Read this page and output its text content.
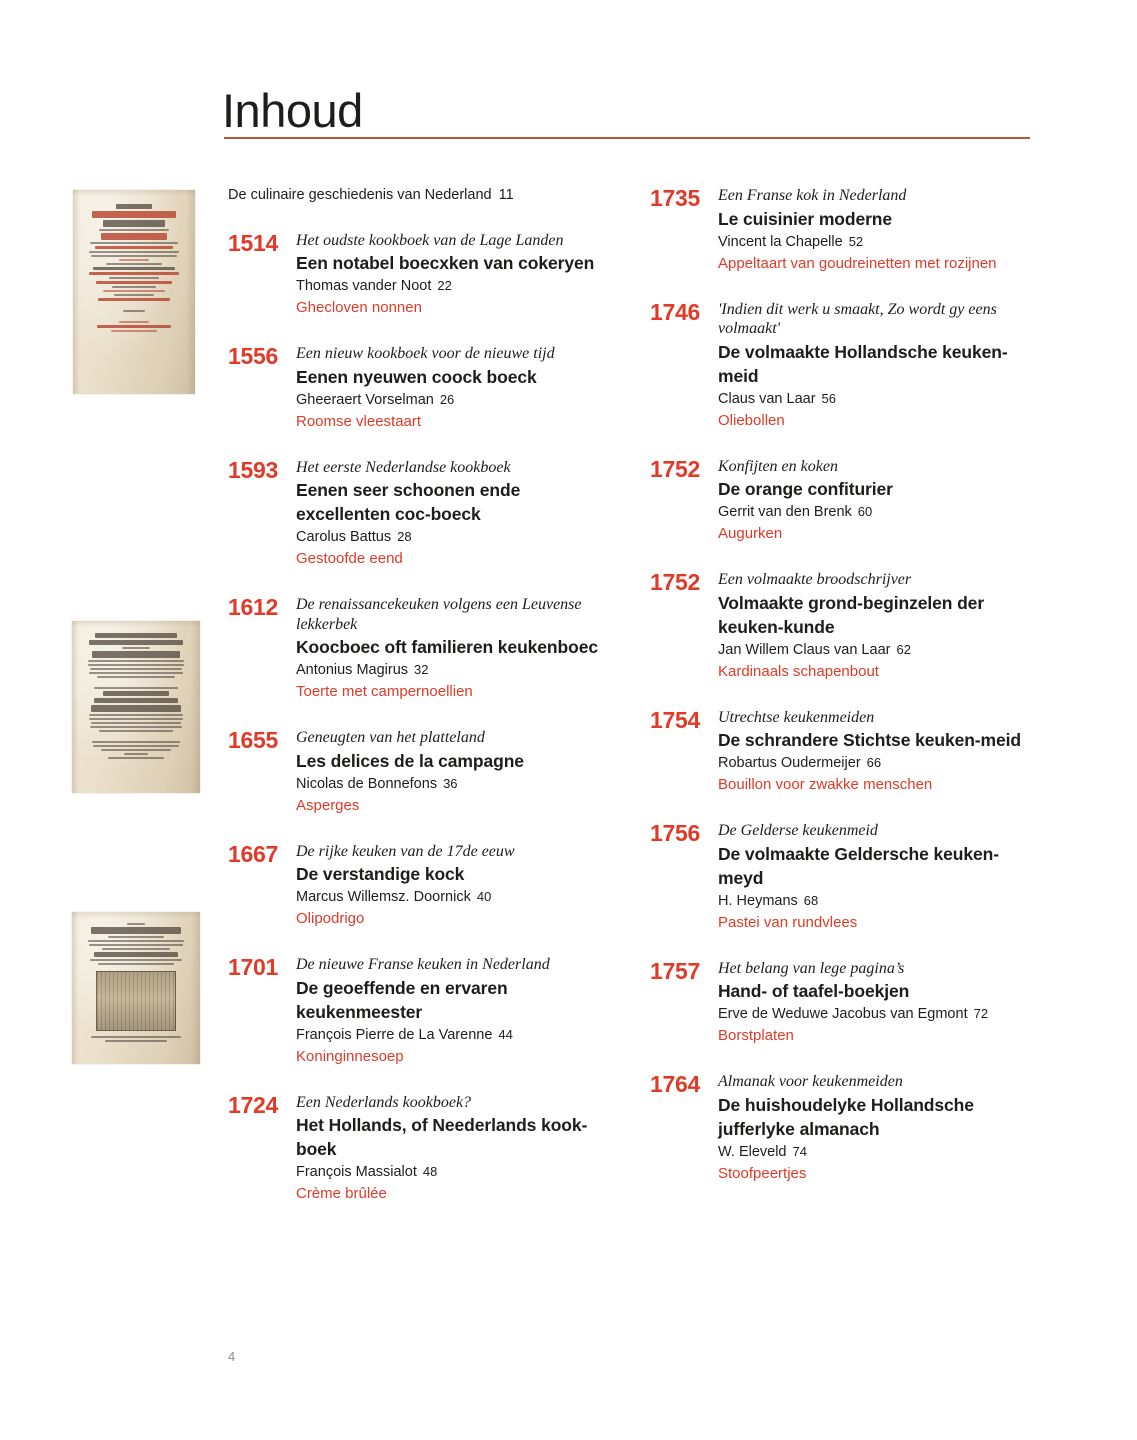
Inhoud
De culinaire geschiedenis van Nederland 11
1514	Het oudste kookboek van de Lage Landen
Een notabel boecxken van cokeryen
Thomas vander Noot 22
Ghecloven nonnen
1556	Een nieuw kookboek voor de nieuwe tijd
Eenen nyeuwen coock boeck
Gheeraert Vorselman 26
Roomse vleestaart
1593	Het eerste Nederlandse kookboek
Eenen seer schoonen ende excellenten coc-boeck
Carolus Battus 28
Gestoofde eend
1612	De renaissancekeuken volgens een Leuvense lekkerbek
Koocboec oft familieren keukenboec
Antonius Magirus 32
Toerte met campernoellien
1655	Geneugten van het platteland
Les delices de la campagne
Nicolas de Bonnefons 36
Asperges
1667	De rijke keuken van de 17de eeuw
De verstandige kock
Marcus Willemsz. Doornick 40
Olipodrigo
1701	De nieuwe Franse keuken in Nederland
De geoeffende en ervaren keukenmeester
François Pierre de La Varenne 44
Koninginnesoep
1724	Een Nederlands kookboek?
Het Hollands, of Neederlands kook-boek
François Massialot 48
Crème brûlée
1735	Een Franse kok in Nederland
Le cuisinier moderne
Vincent la Chapelle 52
Appeltaart van goudreinetten met rozijnen
1746	'Indien dit werk u smaakt, Zo wordt gy eens volmaakt'
De volmaakte Hollandsche keuken-meid
Claus van Laar 56
Oliebollen
1752	Konfijten en koken
De orange confiturier
Gerrit van den Brenk 60
Augurken
1752	Een volmaakte broodschrijver
Volmaakte grond-beginzelen der keuken-kunde
Jan Willem Claus van Laar 62
Kardinaals schapenbout
1754	Utrechtse keukenmeiden
De schrandere Stichtse keuken-meid
Robartus Oudermeijer 66
Bouillon voor zwakke menschen
1756	De Gelderse keukenmeid
De volmaakte Geldersche keuken-meyd
H. Heymans 68
Pastei van rundvlees
1757	Het belang van lege pagina’s
Hand- of taafel-boekjen
Erve de Weduwe Jacobus van Egmont 72
Borstplaten
1764	Almanak voor keukenmeiden
De huishoudelyke Hollandsche jufferlyke almanach
W. Eleveld 74
Stoofpeertjes
4
